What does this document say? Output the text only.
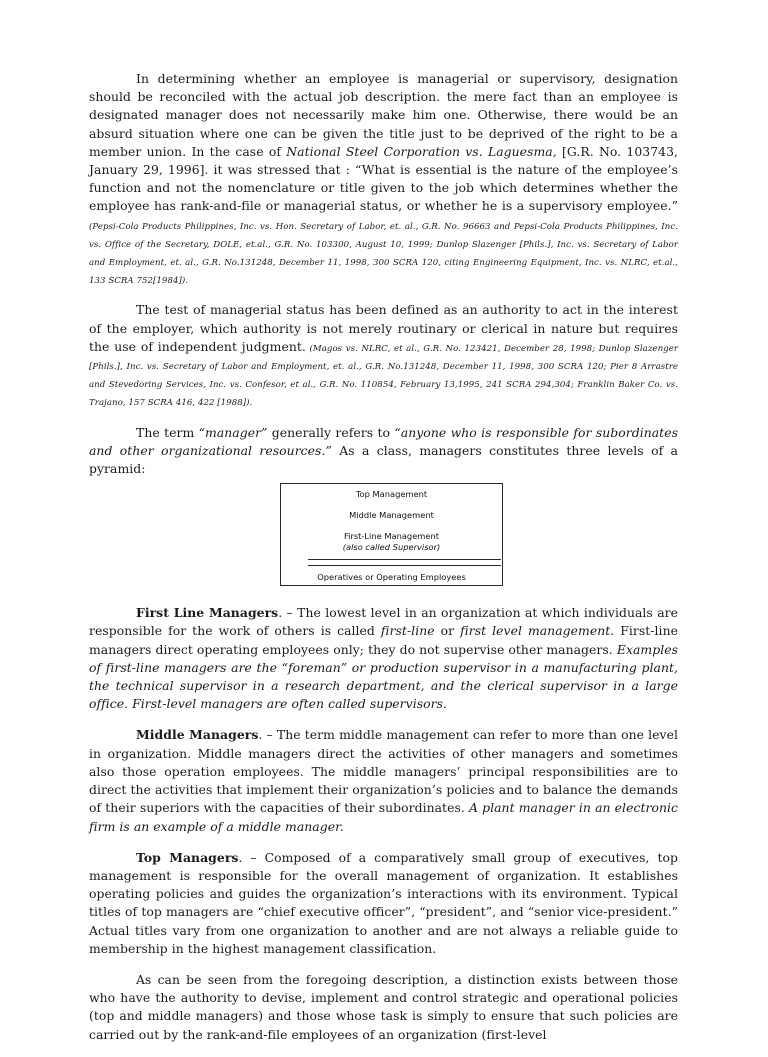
In determining whether an employee is managerial or supervisory, designation should be reconciled with the actual job description. the mere fact than an employee is designated manager does not necessarily make him one. Otherwise, there would be an absurd situation where one can be given the title just to be deprived of the right to be a member union. In the case of National Steel Corporation vs. Laguesma, [G.R. No. 103743, January 29, 1996]. it was stressed that : “What is essential is the nature of the employee’s function and not the nomenclature or title given to the job which determines whether the employee has rank-and-file or managerial status, or whether he is a supervisory employee.” (Pepsi-Cola Products Philippines, Inc. vs. Hon. Secretary of Labor, et. al., G.R. No. 96663 and Pepsi-Cola Products Philippines, Inc. vs. Office of the Secretary, DOLE, et.al., G.R. No. 103300, August 10, 1999; Dunlop Slazenger [Phils.], Inc. vs. Secretary of Labor and Employment, et. al., G.R. No.131248, December 11, 1998, 300 SCRA 120, citing Engineering Equipment, Inc. vs. NLRC, et.al., 133 SCRA 752[1984]).

The test of managerial status has been defined as an authority to act in the interest of the employer, which authority is not merely routinary or clerical in nature but requires the use of independent judgment. (Magos vs. NLRC, et al., G.R. No. 123421, December 28, 1998; Dunlop Slazenger [Phils.], Inc. vs. Secretary of Labor and Employment, et. al., G.R. No.131248, December 11, 1998, 300 SCRA 120; Pier 8 Arrastre and Stevedoring Services, Inc. vs. Confesor, et al., G.R. No. 110854, February 13,1995, 241 SCRA 294,304; Franklin Baker Co. vs. Trajano, 157 SCRA 416, 422 [1988]).

The term “manager” generally refers to “anyone who is responsible for subordinates and other organizational resources.” As a class, managers constitutes three levels of a pyramid:

Top Management
Middle Management
First-Line Management
(also called Supervisor)
Operatives or Operating Employees

First Line Managers. – The lowest level in an organization at which individuals are responsible for the work of others is called first-line or first level management. First-line managers direct operating employees only; they do not supervise other managers. Examples of first-line managers are the “foreman” or production supervisor in a manufacturing plant, the technical supervisor in a research department, and the clerical supervisor in a large office. First-level managers are often called supervisors.

Middle Managers. – The term middle management can refer to more than one level in organization. Middle managers direct the activities of other managers and sometimes also those operation employees. The middle managers’ principal responsibilities are to direct the activities that implement their organization’s policies and to balance the demands of their superiors with the capacities of their subordinates. A plant manager in an electronic firm is an example of a middle manager.

Top Managers. – Composed of a comparatively small group of executives, top management is responsible for the overall management of organization. It establishes operating policies and guides the organization’s interactions with its environment. Typical titles of top managers are “chief executive officer”, “president”, and “senior vice-president.” Actual titles vary from one organization to another and are not always a reliable guide to membership in the highest management classification.

As can be seen from the foregoing description, a distinction exists between those who have the authority to devise, implement and control strategic and operational policies (top and middle managers) and those whose task is simply to ensure that such policies are carried out by the rank-and-file employees of an organization (first-level
